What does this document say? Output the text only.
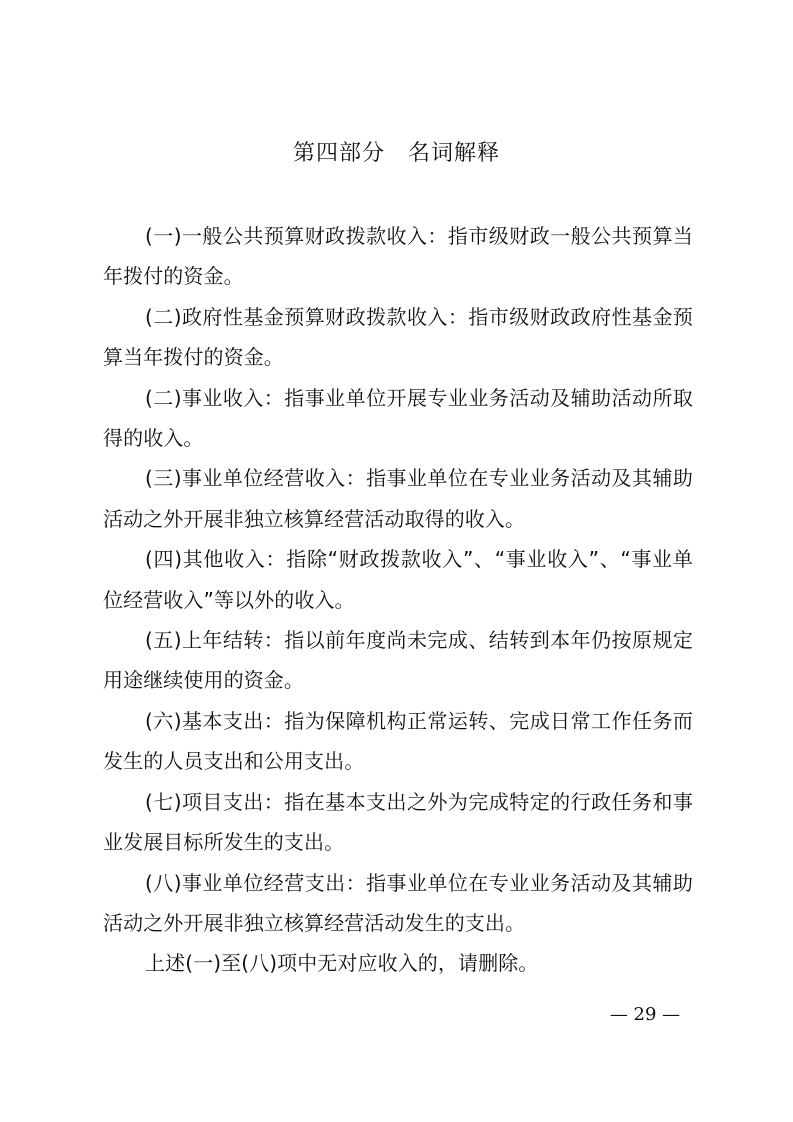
第四部分　名词解释

(一)一般公共预算财政拨款收入：指市级财政一般公共预算当年拨付的资金。

(二)政府性基金预算财政拨款收入：指市级财政政府性基金预算当年拨付的资金。

(二)事业收入：指事业单位开展专业业务活动及辅助活动所取得的收入。

(三)事业单位经营收入：指事业单位在专业业务活动及其辅助活动之外开展非独立核算经营活动取得的收入。

(四)其他收入：指除“财政拨款收入”、“事业收入”、“事业单位经营收入”等以外的收入。

(五)上年结转：指以前年度尚未完成、结转到本年仍按原规定用途继续使用的资金。

(六)基本支出：指为保障机构正常运转、完成日常工作任务而发生的人员支出和公用支出。

(七)项目支出：指在基本支出之外为完成特定的行政任务和事业发展目标所发生的支出。

(八)事业单位经营支出：指事业单位在专业业务活动及其辅助活动之外开展非独立核算经营活动发生的支出。

上述(一)至(八)项中无对应收入的，请删除。

— 29 —
